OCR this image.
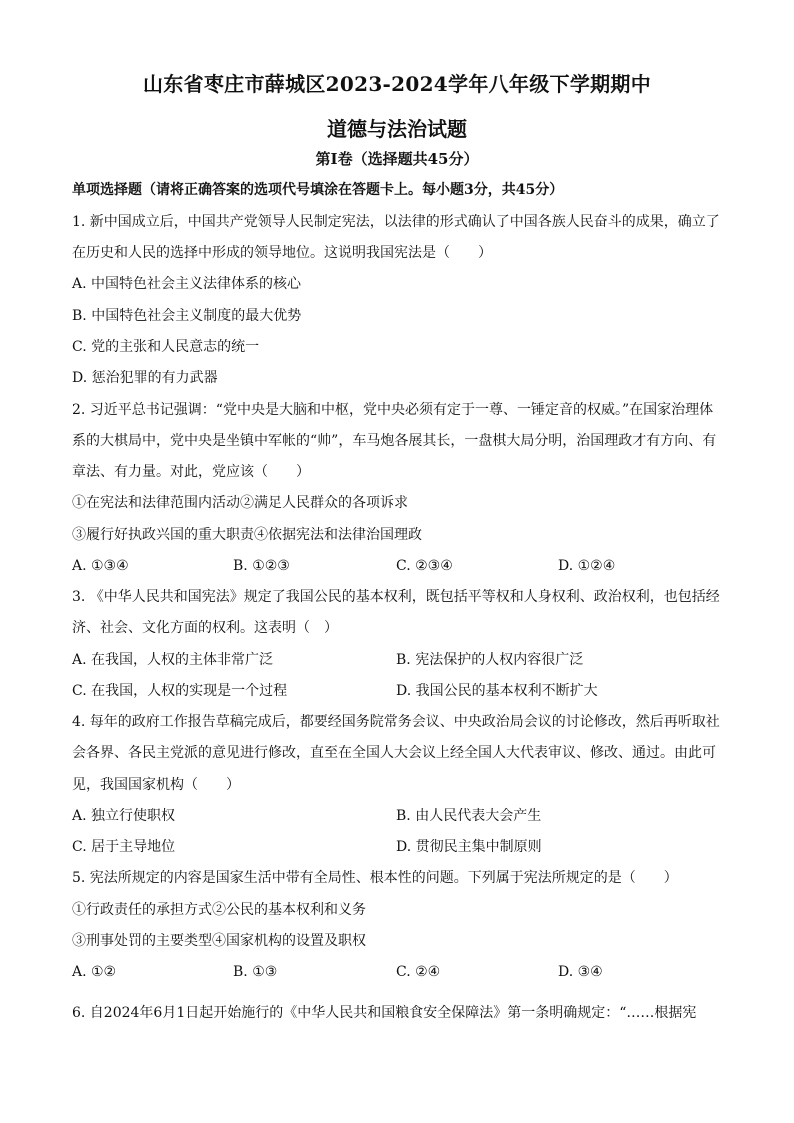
山东省枣庄市薛城区2023-2024学年八年级下学期期中
道德与法治试题
第Ⅰ卷（选择题共45分）
单项选择题（请将正确答案的选项代号填涂在答题卡上。每小题3分，共45分）
1. 新中国成立后，中国共产党领导人民制定宪法，以法律的形式确认了中国各族人民奋斗的成果，确立了
在历史和人民的选择中形成的领导地位。这说明我国宪法是（　　）
A. 中国特色社会主义法律体系的核心
B. 中国特色社会主义制度的最大优势
C. 党的主张和人民意志的统一
D. 惩治犯罪的有力武器
2. 习近平总书记强调：“党中央是大脑和中枢，党中央必须有定于一尊、一锤定音的权威。”在国家治理体
系的大棋局中，党中央是坐镇中军帐的“帅”，车马炮各展其长，一盘棋大局分明，治国理政才有方向、有
章法、有力量。对此，党应该（　　）
①在宪法和法律范围内活动②满足人民群众的各项诉求
③履行好执政兴国的重大职责④依据宪法和法律治国理政
A. ①③④	B. ①②③	C. ②③④	D. ①②④
3. 《中华人民共和国宪法》规定了我国公民的基本权利，既包括平等权和人身权利、政治权利，也包括经
济、社会、文化方面的权利。这表明（　）
A. 在我国，人权的主体非常广泛	B. 宪法保护的人权内容很广泛
C. 在我国，人权的实现是一个过程	D. 我国公民的基本权利不断扩大
4. 每年的政府工作报告草稿完成后，都要经国务院常务会议、中央政治局会议的讨论修改，然后再听取社
会各界、各民主党派的意见进行修改，直至在全国人大会议上经全国人大代表审议、修改、通过。由此可
见，我国国家机构（　　）
A. 独立行使职权	B. 由人民代表大会产生
C. 居于主导地位	D. 贯彻民主集中制原则
5. 宪法所规定的内容是国家生活中带有全局性、根本性的问题。下列属于宪法所规定的是（　　）
①行政责任的承担方式②公民的基本权利和义务
③刑事处罚的主要类型④国家机构的设置及职权
A. ①②	B. ①③	C. ②④	D. ③④
6. 自2024年6月1日起开始施行的《中华人民共和国粮食安全保障法》第一条明确规定：“……根据宪
